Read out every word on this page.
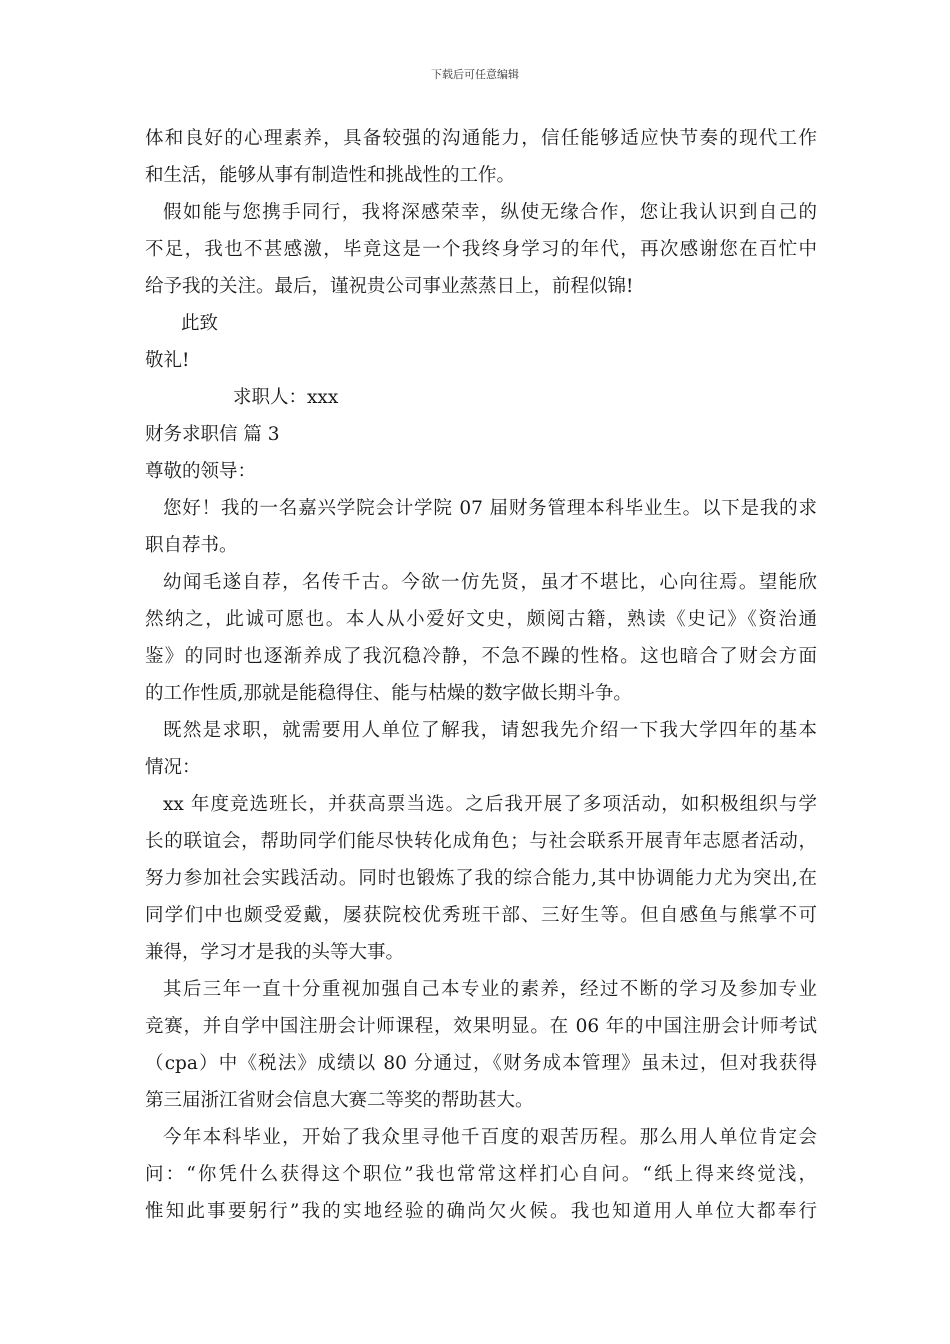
下载后可任意编辑
体和良好的心理素养，具备较强的沟通能力，信任能够适应快节奏的现代工作
和生活，能够从事有制造性和挑战性的工作。
假如能与您携手同行，我将深感荣幸，纵使无缘合作，您让我认识到自己的
不足，我也不甚感激，毕竟这是一个我终身学习的年代，再次感谢您在百忙中
给予我的关注。最后，谨祝贵公司事业蒸蒸日上，前程似锦!
此致
敬礼!
求职人：xxx
财务求职信 篇 3
尊敬的领导：
您好！我的一名嘉兴学院会计学院 07 届财务管理本科毕业生。以下是我的求
职自荐书。
幼闻毛遂自荐，名传千古。今欲一仿先贤，虽才不堪比，心向往焉。望能欣
然纳之，此诚可愿也。本人从小爱好文史，颇阅古籍，熟读《史记》《资治通
鉴》的同时也逐渐养成了我沉稳冷静，不急不躁的性格。这也暗合了财会方面
的工作性质,那就是能稳得住、能与枯燥的数字做长期斗争。
既然是求职，就需要用人单位了解我，请恕我先介绍一下我大学四年的基本
情况：
xx 年度竞选班长，并获高票当选。之后我开展了多项活动，如积极组织与学
长的联谊会，帮助同学们能尽快转化成角色；与社会联系开展青年志愿者活动，
努力参加社会实践活动。同时也锻炼了我的综合能力,其中协调能力尤为突出,在
同学们中也颇受爱戴，屡获院校优秀班干部、三好生等。但自感鱼与熊掌不可
兼得，学习才是我的头等大事。
其后三年一直十分重视加强自己本专业的素养，经过不断的学习及参加专业
竞赛，并自学中国注册会计师课程，效果明显。在 06 年的中国注册会计师考试
（cpa）中《税法》成绩以 80 分通过，《财务成本管理》虽未过，但对我获得
第三届浙江省财会信息大赛二等奖的帮助甚大。
今年本科毕业，开始了我众里寻他千百度的艰苦历程。那么用人单位肯定会
问：“你凭什么获得这个职位”我也常常这样扪心自问。“纸上得来终觉浅，
惟知此事要躬行”我的实地经验的确尚欠火候。我也知道用人单位大都奉行
